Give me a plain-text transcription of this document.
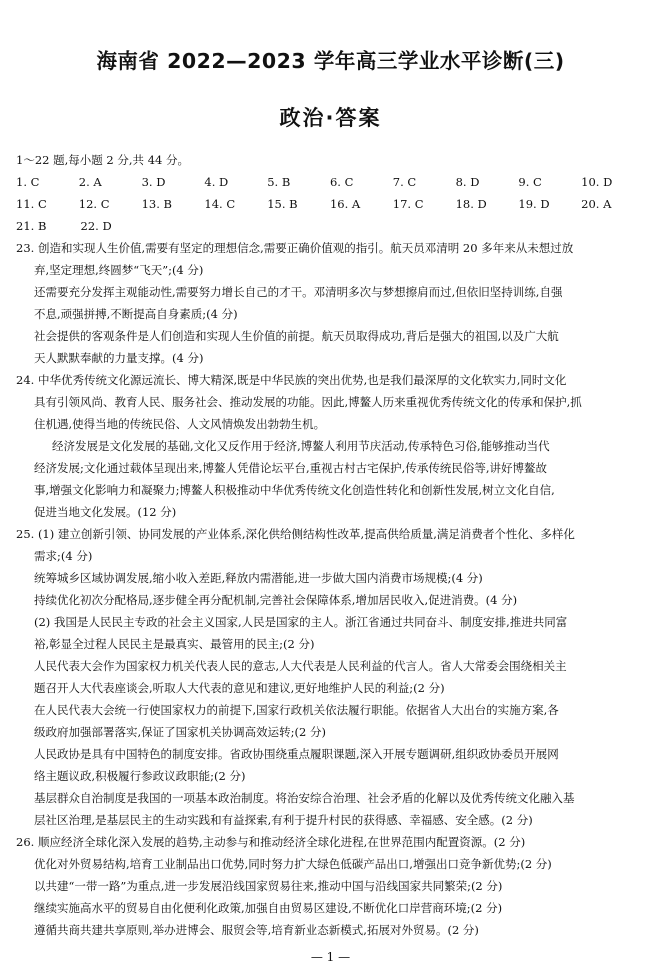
海南省 2022—2023 学年高三学业水平诊断(三)
政治·答案
1～22 题,每小题 2 分,共 44 分。
1. C	2. A	3. D	4. D	5. B	6. C	7. C	8. D	9. C	10. D
11. C	12. C	13. B	14. C	15. B	16. A	17. C	18. D	19. D	20. A
21. B	22. D
23. 创造和实现人生价值,需要有坚定的理想信念,需要正确价值观的指引。航天员邓清明 20 多年来从未想过放
弃,坚定理想,终圆梦“飞天”;(4 分)
还需要充分发挥主观能动性,需要努力增长自己的才干。邓清明多次与梦想擦肩而过,但依旧坚持训练,自强
不息,顽强拼搏,不断提高自身素质;(4 分)
社会提供的客观条件是人们创造和实现人生价值的前提。航天员取得成功,背后是强大的祖国,以及广大航
天人默默奉献的力量支撑。(4 分)
24. 中华优秀传统文化源远流长、博大精深,既是中华民族的突出优势,也是我们最深厚的文化软实力,同时文化
具有引领风尚、教育人民、服务社会、推动发展的功能。因此,博鳌人历来重视优秀传统文化的传承和保护,抓
住机遇,使得当地的传统民俗、人文风情焕发出勃勃生机。
经济发展是文化发展的基础,文化又反作用于经济,博鳌人利用节庆活动,传承特色习俗,能够推动当代
经济发展;文化通过载体呈现出来,博鳌人凭借论坛平台,重视古村古宅保护,传承传统民俗等,讲好博鳌故
事,增强文化影响力和凝聚力;博鳌人积极推动中华优秀传统文化创造性转化和创新性发展,树立文化自信,
促进当地文化发展。(12 分)
25. (1) 建立创新引领、协同发展的产业体系,深化供给侧结构性改革,提高供给质量,满足消费者个性化、多样化
需求;(4 分)
统筹城乡区域协调发展,缩小收入差距,释放内需潜能,进一步做大国内消费市场规模;(4 分)
持续优化初次分配格局,逐步健全再分配机制,完善社会保障体系,增加居民收入,促进消费。(4 分)
(2) 我国是人民民主专政的社会主义国家,人民是国家的主人。浙江省通过共同奋斗、制度安排,推进共同富
裕,彰显全过程人民民主是最真实、最管用的民主;(2 分)
人民代表大会作为国家权力机关代表人民的意志,人大代表是人民利益的代言人。省人大常委会围绕相关主
题召开人大代表座谈会,听取人大代表的意见和建议,更好地维护人民的利益;(2 分)
在人民代表大会统一行使国家权力的前提下,国家行政机关依法履行职能。依据省人大出台的实施方案,各
级政府加强部署落实,保证了国家机关协调高效运转;(2 分)
人民政协是具有中国特色的制度安排。省政协围绕重点履职课题,深入开展专题调研,组织政协委员开展网
络主题议政,积极履行参政议政职能;(2 分)
基层群众自治制度是我国的一项基本政治制度。将治安综合治理、社会矛盾的化解以及优秀传统文化融入基
层社区治理,是基层民主的生动实践和有益探索,有利于提升村民的获得感、幸福感、安全感。(2 分)
26. 顺应经济全球化深入发展的趋势,主动参与和推动经济全球化进程,在世界范围内配置资源。(2 分)
优化对外贸易结构,培育工业制品出口优势,同时努力扩大绿色低碳产品出口,增强出口竞争新优势;(2 分)
以共建“一带一路”为重点,进一步发展沿线国家贸易往来,推动中国与沿线国家共同繁荣;(2 分)
继续实施高水平的贸易自由化便利化政策,加强自由贸易区建设,不断优化口岸营商环境;(2 分)
遵循共商共建共享原则,举办进博会、服贸会等,培育新业态新模式,拓展对外贸易。(2 分)
— 1 —
